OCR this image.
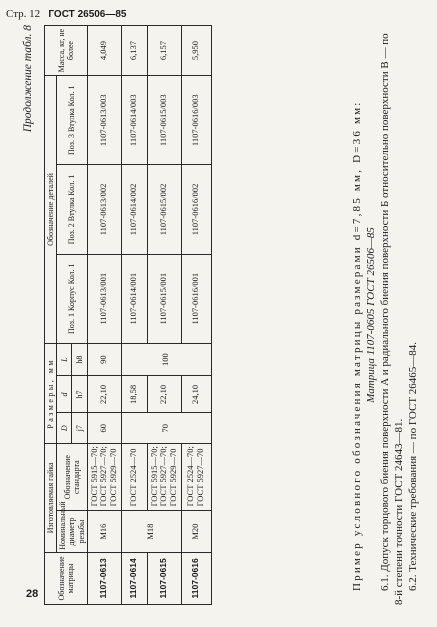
Стр. 12 ГОСТ 26506—85
28
Продолжение табл. 8
Обозначение матрицы	Изготовляемая гайка		Размеры, мм			Обозначение деталей			Масса, кг, не более
	Номинальный диаметр резьбы	Обозначение стандарта	D	d	L	Поз. 1 Корпус Кол. 1	Поз. 2 Втулка Кол. 1	Поз. 3 Втулка Кол. 1	
			j7	h7	h8				
1107-0613	М16	ГОСТ 5915—70;
ГОСТ 5927—70;
ГОСТ 5929—70	60	22,10	90	1107-0613/001	1107-0613/002	1107-0613/003	4,049
1107-0614	М18	ГОСТ 2524—70	70	18,58	100	1107-0614/001	1107-0614/002	1107-0614/003	6,137
1107-0615		ГОСТ 5915—70;
ГОСТ 5927—70;
ГОСТ 5929—70		22,10		1107-0615/001	1107-0615/002	1107-0615/003	6,157
1107-0616	М20	ГОСТ 2524—70;
ГОСТ 5927—70		24,10		1107-0616/001	1107-0616/002	1107-0616/003	5,950

Пример условного обозначения матрицы размерами d=7,85 мм, D=36 мм: Матрица 1107-0605 ГОСТ 26506—85 6.1. Допуск торцового биения поверхности А и радиального биения поверхности Б относительно поверхности В — по 8-й степени точности ГОСТ 24643—81. 6.2. Технические требования — по ГОСТ 26465—84.
